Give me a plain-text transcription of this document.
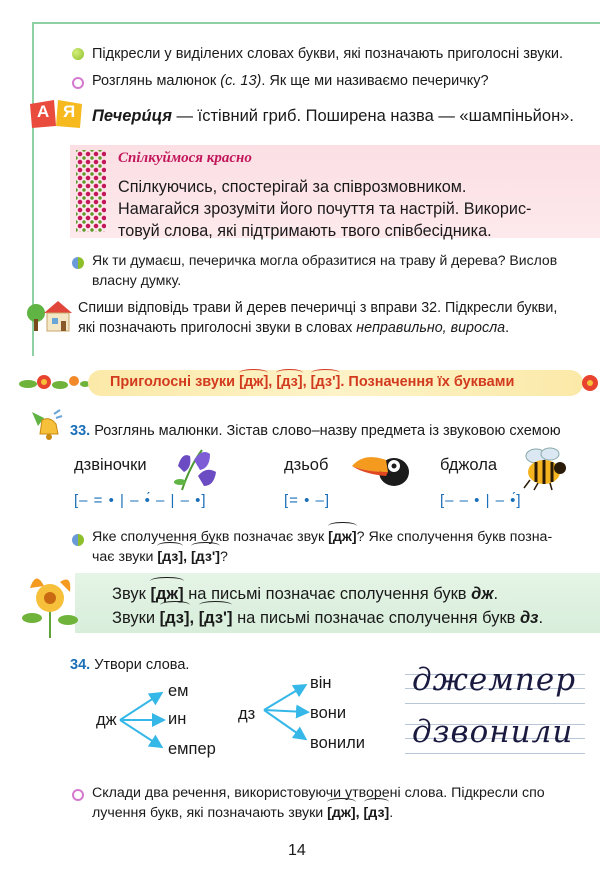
Підкресли у виділених словах букви, які позначають приголосні звуки.
Розглянь малюнок (с. 13). Як ще ми називаємо печеричку?
А Я Печери́ця — їстівний гриб. Поширена назва — «шампіньйон».
Спілкуймося красно
Спілкуючись, спостерігай за співрозмовником.
Намагайся зрозуміти його почуття та настрій. Викорис-
товуй слова, які підтримають твого співбесідника.
Як ти думаєш, печеричка могла образитися на траву й дерева? Вислов
власну думку.
Спиши відповідь трави й дерев печеричці з вправи 32. Підкресли букви,
які позначають приголосні звуки в словах неправильно, виросла.
Приголосні звуки [дж], [дз], [дз']. Позначення їх буквами
33. Розглянь малюнки. Зістав слово–назву предмета із звуковою схемою
дзвіночки
[– = • | – •́ – | – •]
дзьоб
[= • –]
бджола
[– – • | – •́]
Яке сполучення букв позначає звук [дж]? Яке сполучення букв позна-
чає звуки [дз], [дз']?
Звук [дж] на письмі позначає сполучення букв дж.
Звуки [дз], [дз'] на письмі позначає сполучення букв дз.
34. Утвори слова.
дж
ем
ин
емпер
дз
він
вони
вонили
джемпер
дзвонили
Склади два речення, використовуючи утворені слова. Підкресли спо
лучення букв, які позначають звуки [дж], [дз].
14
